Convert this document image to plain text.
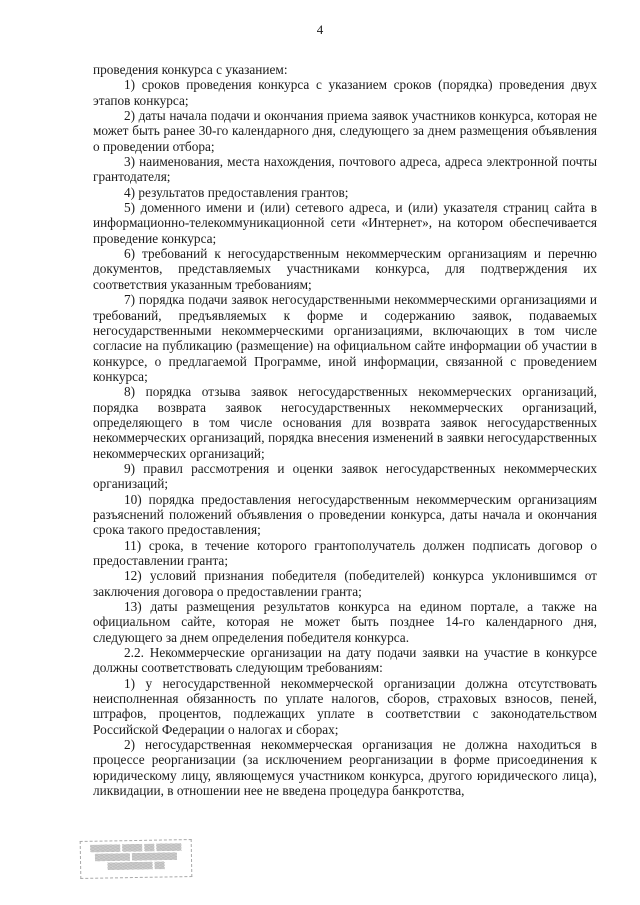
4

проведения конкурса с указанием:

1) сроков проведения конкурса с указанием сроков (порядка) проведения двух этапов конкурса;

2) даты начала подачи и окончания приема заявок участников конкурса, которая не может быть ранее 30-го календарного дня, следующего за днем размещения объявления о проведении отбора;

3) наименования, места нахождения, почтового адреса, адреса электронной почты грантодателя;

4) результатов предоставления грантов;

5) доменного имени и (или) сетевого адреса, и (или) указателя страниц сайта в информационно-телекоммуникационной сети «Интернет», на котором обеспечивается проведение конкурса;

6) требований к негосударственным некоммерческим организациям и перечню документов, представляемых участниками конкурса, для подтверждения их соответствия указанным требованиям;

7) порядка подачи заявок негосударственными некоммерческими организациями и требований, предъявляемых к форме и содержанию заявок, подаваемых негосударственными некоммерческими организациями, включающих в том числе согласие на публикацию (размещение) на официальном сайте информации об участии в конкурсе, о предлагаемой Программе, иной информации, связанной с проведением конкурса;

8) порядка отзыва заявок негосударственных некоммерческих организаций, порядка возврата заявок негосударственных некоммерческих организаций, определяющего в том числе основания для возврата заявок негосударственных некоммерческих организаций, порядка внесения изменений в заявки негосударственных некоммерческих организаций;

9) правил рассмотрения и оценки заявок негосударственных некоммерческих организаций;

10) порядка предоставления негосударственным некоммерческим организациям разъяснений положений объявления о проведении конкурса, даты начала и окончания срока такого предоставления;

11) срока, в течение которого грантополучатель должен подписать договор о предоставлении гранта;

12) условий признания победителя (победителей) конкурса уклонившимся от заключения договора о предоставлении гранта;

13) даты размещения результатов конкурса на едином портале, а также на официальном сайте, которая не может быть позднее 14-го календарного дня, следующего за днем определения победителя конкурса.

2.2. Некоммерческие организации на дату подачи заявки на участие в конкурсе должны соответствовать следующим требованиям:

1) у негосударственной некоммерческой организации должна отсутствовать неисполненная обязанность по уплате налогов, сборов, страховых взносов, пеней, штрафов, процентов, подлежащих уплате в соответствии с законодательством Российской Федерации о налогах и сборах;

2) негосударственная некоммерческая организация не должна находиться в процессе реорганизации (за исключением реорганизации в форме присоединения к юридическому лицу, являющемуся участником конкурса, другого юридического лица), ликвидации, в отношении нее не введена процедура банкротства,

▒▒▒▒▒▒ ▒▒▒▒ ▒▒ ▒▒▒▒▒
▒▒▒▒▒▒▒ ▒▒▒▒▒▒▒▒▒
▒▒▒▒▒▒▒▒▒ ▒▒
